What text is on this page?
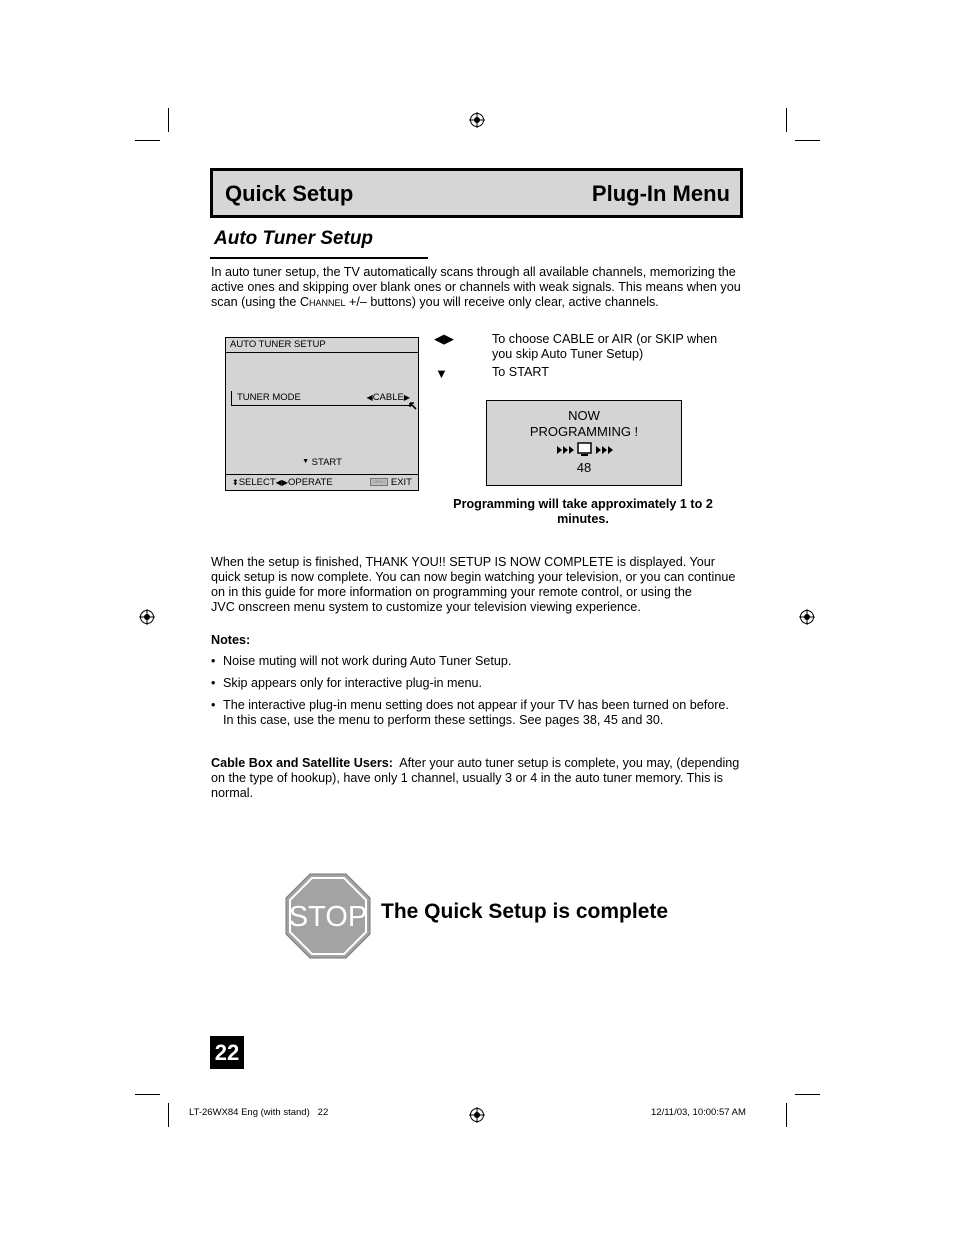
Quick Setup	Plug-In Menu
Auto Tuner Setup
In auto tuner setup, the TV automatically scans through all available channels, memorizing the
active ones and skipping over blank ones or channels with weak signals. This means when you
scan (using the Channel +/– buttons) you will receive only clear, active channels.
AUTO TUNER SETUP
TUNER MODE	◀CABLE▶
▼ START
⬍SELECT◀▶OPERATE	MENU EXIT
◀▶	To choose CABLE or AIR (or SKIP when
you skip Auto Tuner Setup)
▼	To START
NOW
PROGRAMMING !
48
Programming will take approximately 1 to 2
minutes.
When the setup is finished, THANK YOU!! SETUP IS NOW COMPLETE is displayed. Your
quick setup is now complete. You can now begin watching your television, or you can continue
on in this guide for more information on programming your remote control, or using the
JVC onscreen menu system to customize your television viewing experience.
Notes:
• Noise muting will not work during Auto Tuner Setup.
• Skip appears only for interactive plug-in menu.
• The interactive plug-in menu setting does not appear if your TV has been turned on before.
In this case, use the menu to perform these settings. See pages 38, 45 and 30.
Cable Box and Satellite Users:  After your auto tuner setup is complete, you may, (depending
on the type of hookup), have only 1 channel, usually 3 or 4 in the auto tuner memory. This is
normal.
STOP The Quick Setup is complete
22
LT-26WX84 Eng (with stand)   22	12/11/03, 10:00:57 AM
